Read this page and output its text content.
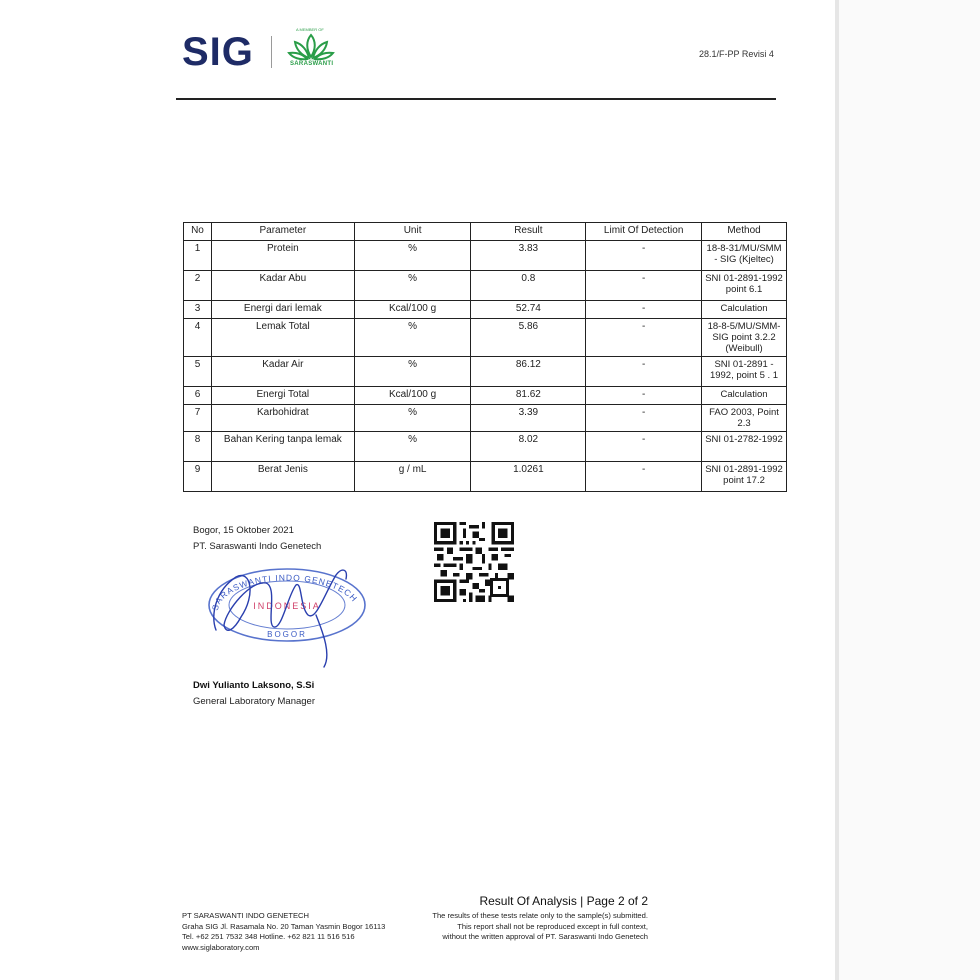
SIG
A MEMBER OF
SARASWANTI
28.1/F-PP Revisi 4
No	Parameter	Unit	Result	Limit Of Detection	Method
1	Protein	%	3.83	-	18-8-31/MU/SMM - SIG (Kjeltec)
2	Kadar Abu	%	0.8	-	SNI 01-2891-1992 point 6.1
3	Energi dari lemak	Kcal/100 g	52.74	-	Calculation
4	Lemak Total	%	5.86	-	18-8-5/MU/SMM-SIG point 3.2.2 (Weibull)
5	Kadar Air	%	86.12	-	SNI 01-2891 - 1992, point 5 . 1
6	Energi Total	Kcal/100 g	81.62	-	Calculation
7	Karbohidrat	%	3.39	-	FAO 2003, Point 2.3
8	Bahan Kering tanpa lemak	%	8.02	-	SNI 01-2782-1992
9	Berat Jenis	g / mL	1.0261	-	SNI 01-2891-1992 point 17.2
Bogor, 15 Oktober 2021
PT. Saraswanti Indo Genetech
SARASWANTI INDO GENETECH
INDONESIA
BOGOR
Dwi Yulianto Laksono, S.Si
General Laboratory Manager
PT SARASWANTI INDO GENETECH
Graha SIG Jl. Rasamala No. 20 Taman Yasmin Bogor 16113
Tel. +62 251 7532 348 Hotline. +62 821 11 516 516
www.siglaboratory.com
Result Of Analysis | Page 2 of 2
The results of these tests relate only to the sample(s) submitted.
This report shall not be reproduced except in full context,
without the written approval of PT. Saraswanti Indo Genetech
